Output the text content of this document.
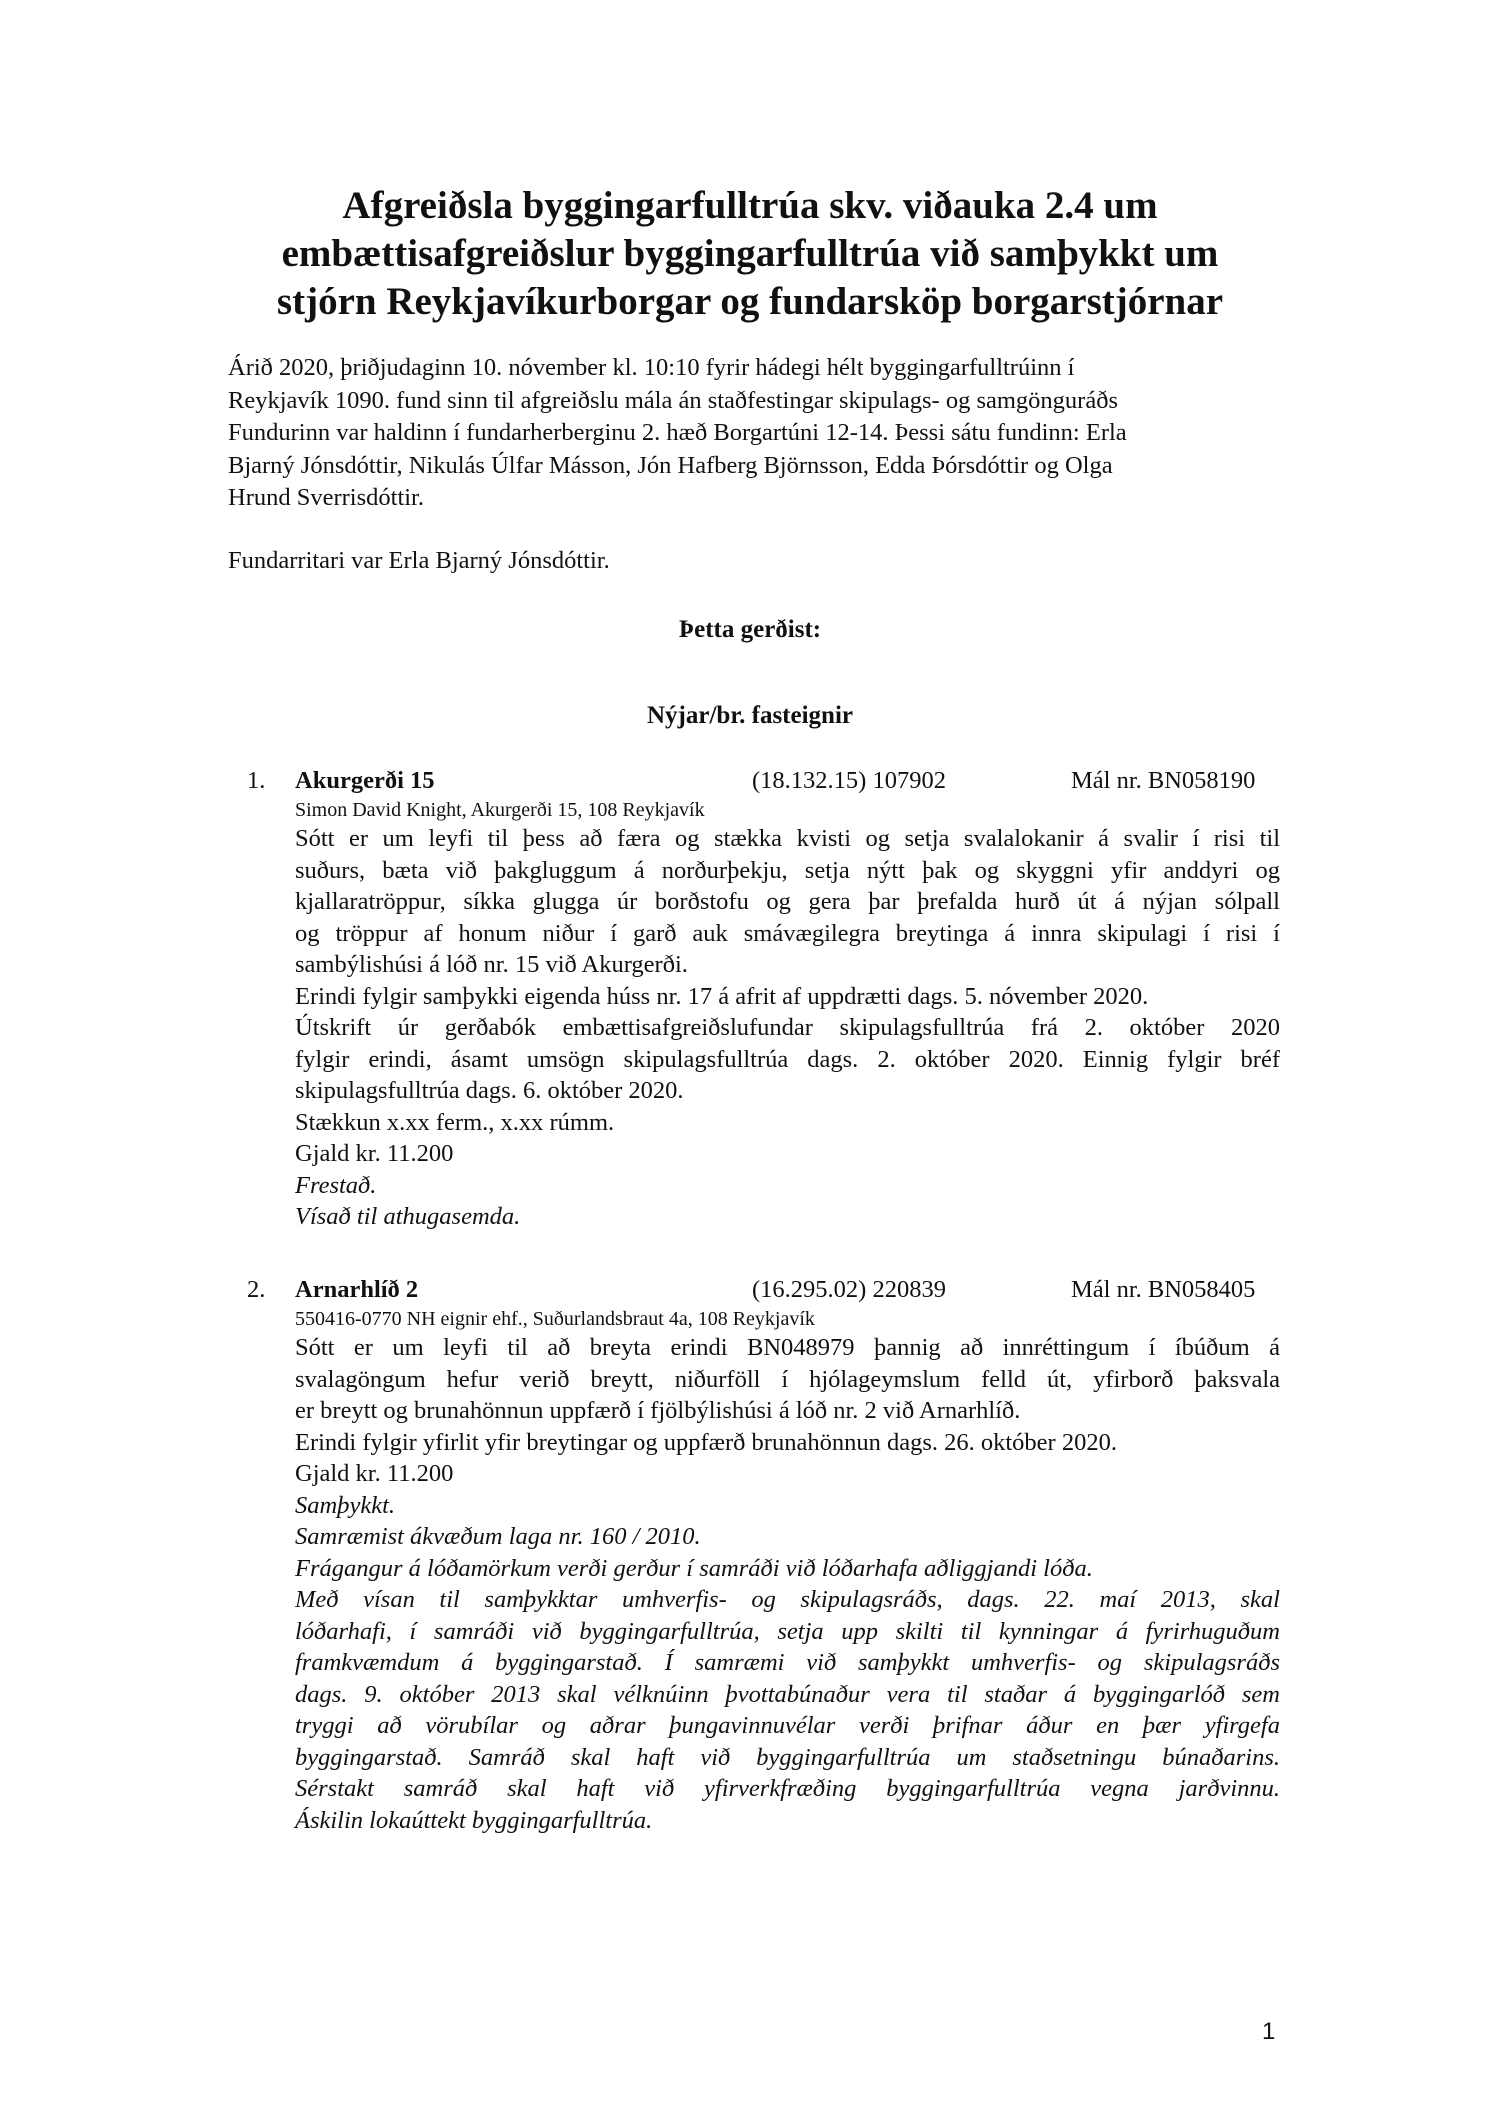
Afgreiðsla byggingarfulltrúa skv. viðauka 2.4 um
embættisafgreiðslur byggingarfulltrúa við samþykkt um
stjórn Reykjavíkurborgar og fundarsköp borgarstjórnar
Árið 2020, þriðjudaginn 10. nóvember kl. 10:10 fyrir hádegi hélt byggingarfulltrúinn í
Reykjavík 1090. fund sinn til afgreiðslu mála án staðfestingar skipulags- og samgönguráðs
Fundurinn var haldinn í fundarherberginu 2. hæð Borgartúni 12-14. Þessi sátu fundinn: Erla
Bjarný Jónsdóttir, Nikulás Úlfar Másson, Jón Hafberg Björnsson, Edda Þórsdóttir og Olga
Hrund Sverrisdóttir.
Fundarritari var Erla Bjarný Jónsdóttir.
Þetta gerðist:
Nýjar/br. fasteignir
1. Akurgerði 15	(18.132.15) 107902	Mál nr. BN058190
Simon David Knight, Akurgerði 15, 108 Reykjavík
Sótt er um leyfi til þess að færa og stækka kvisti og setja svalalokanir á svalir í risi til
suðurs, bæta við þakgluggum á norðurþekju, setja nýtt þak og skyggni yfir anddyri og
kjallaratröppur, síkka glugga úr borðstofu og gera þar þrefalda hurð út á nýjan sólpall
og tröppur af honum niður í garð auk smávægilegra breytinga á innra skipulagi í risi í
sambýlishúsi á lóð nr. 15 við Akurgerði.
Erindi fylgir samþykki eigenda húss nr. 17 á afrit af uppdrætti dags. 5. nóvember 2020.
Útskrift úr gerðabók embættisafgreiðslufundar skipulagsfulltrúa frá 2. október 2020
fylgir erindi, ásamt umsögn skipulagsfulltrúa dags. 2. október 2020. Einnig fylgir bréf
skipulagsfulltrúa dags. 6. október 2020.
Stækkun x.xx ferm., x.xx rúmm.
Gjald kr. 11.200
Frestað.
Vísað til athugasemda.
2. Arnarhlíð 2	(16.295.02) 220839	Mál nr. BN058405
550416-0770 NH eignir ehf., Suðurlandsbraut 4a, 108 Reykjavík
Sótt er um leyfi til að breyta erindi BN048979 þannig að innréttingum í íbúðum á
svalagöngum hefur verið breytt, niðurföll í hjólageymslum felld út, yfirborð þaksvala
er breytt og brunahönnun uppfærð í fjölbýlishúsi á lóð nr. 2 við Arnarhlíð.
Erindi fylgir yfirlit yfir breytingar og uppfærð brunahönnun dags. 26. október 2020.
Gjald kr. 11.200
Samþykkt.
Samræmist ákvæðum laga nr. 160 / 2010.
Frágangur á lóðamörkum verði gerður í samráði við lóðarhafa aðliggjandi lóða.
Með vísan til samþykktar umhverfis- og skipulagsráðs, dags. 22. maí 2013, skal
lóðarhafi, í samráði við byggingarfulltrúa, setja upp skilti til kynningar á fyrirhuguðum
framkvæmdum á byggingarstað. Í samræmi við samþykkt umhverfis- og skipulagsráðs
dags. 9. október 2013 skal vélknúinn þvottabúnaður vera til staðar á byggingarlóð sem
tryggi að vörubílar og aðrar þungavinnuvélar verði þrifnar áður en þær yfirgefa
byggingarstað. Samráð skal haft við byggingarfulltrúa um staðsetningu búnaðarins.
Sérstakt samráð skal haft við yfirverkfræðing byggingarfulltrúa vegna jarðvinnu.
Áskilin lokaúttekt byggingarfulltrúa.
1
